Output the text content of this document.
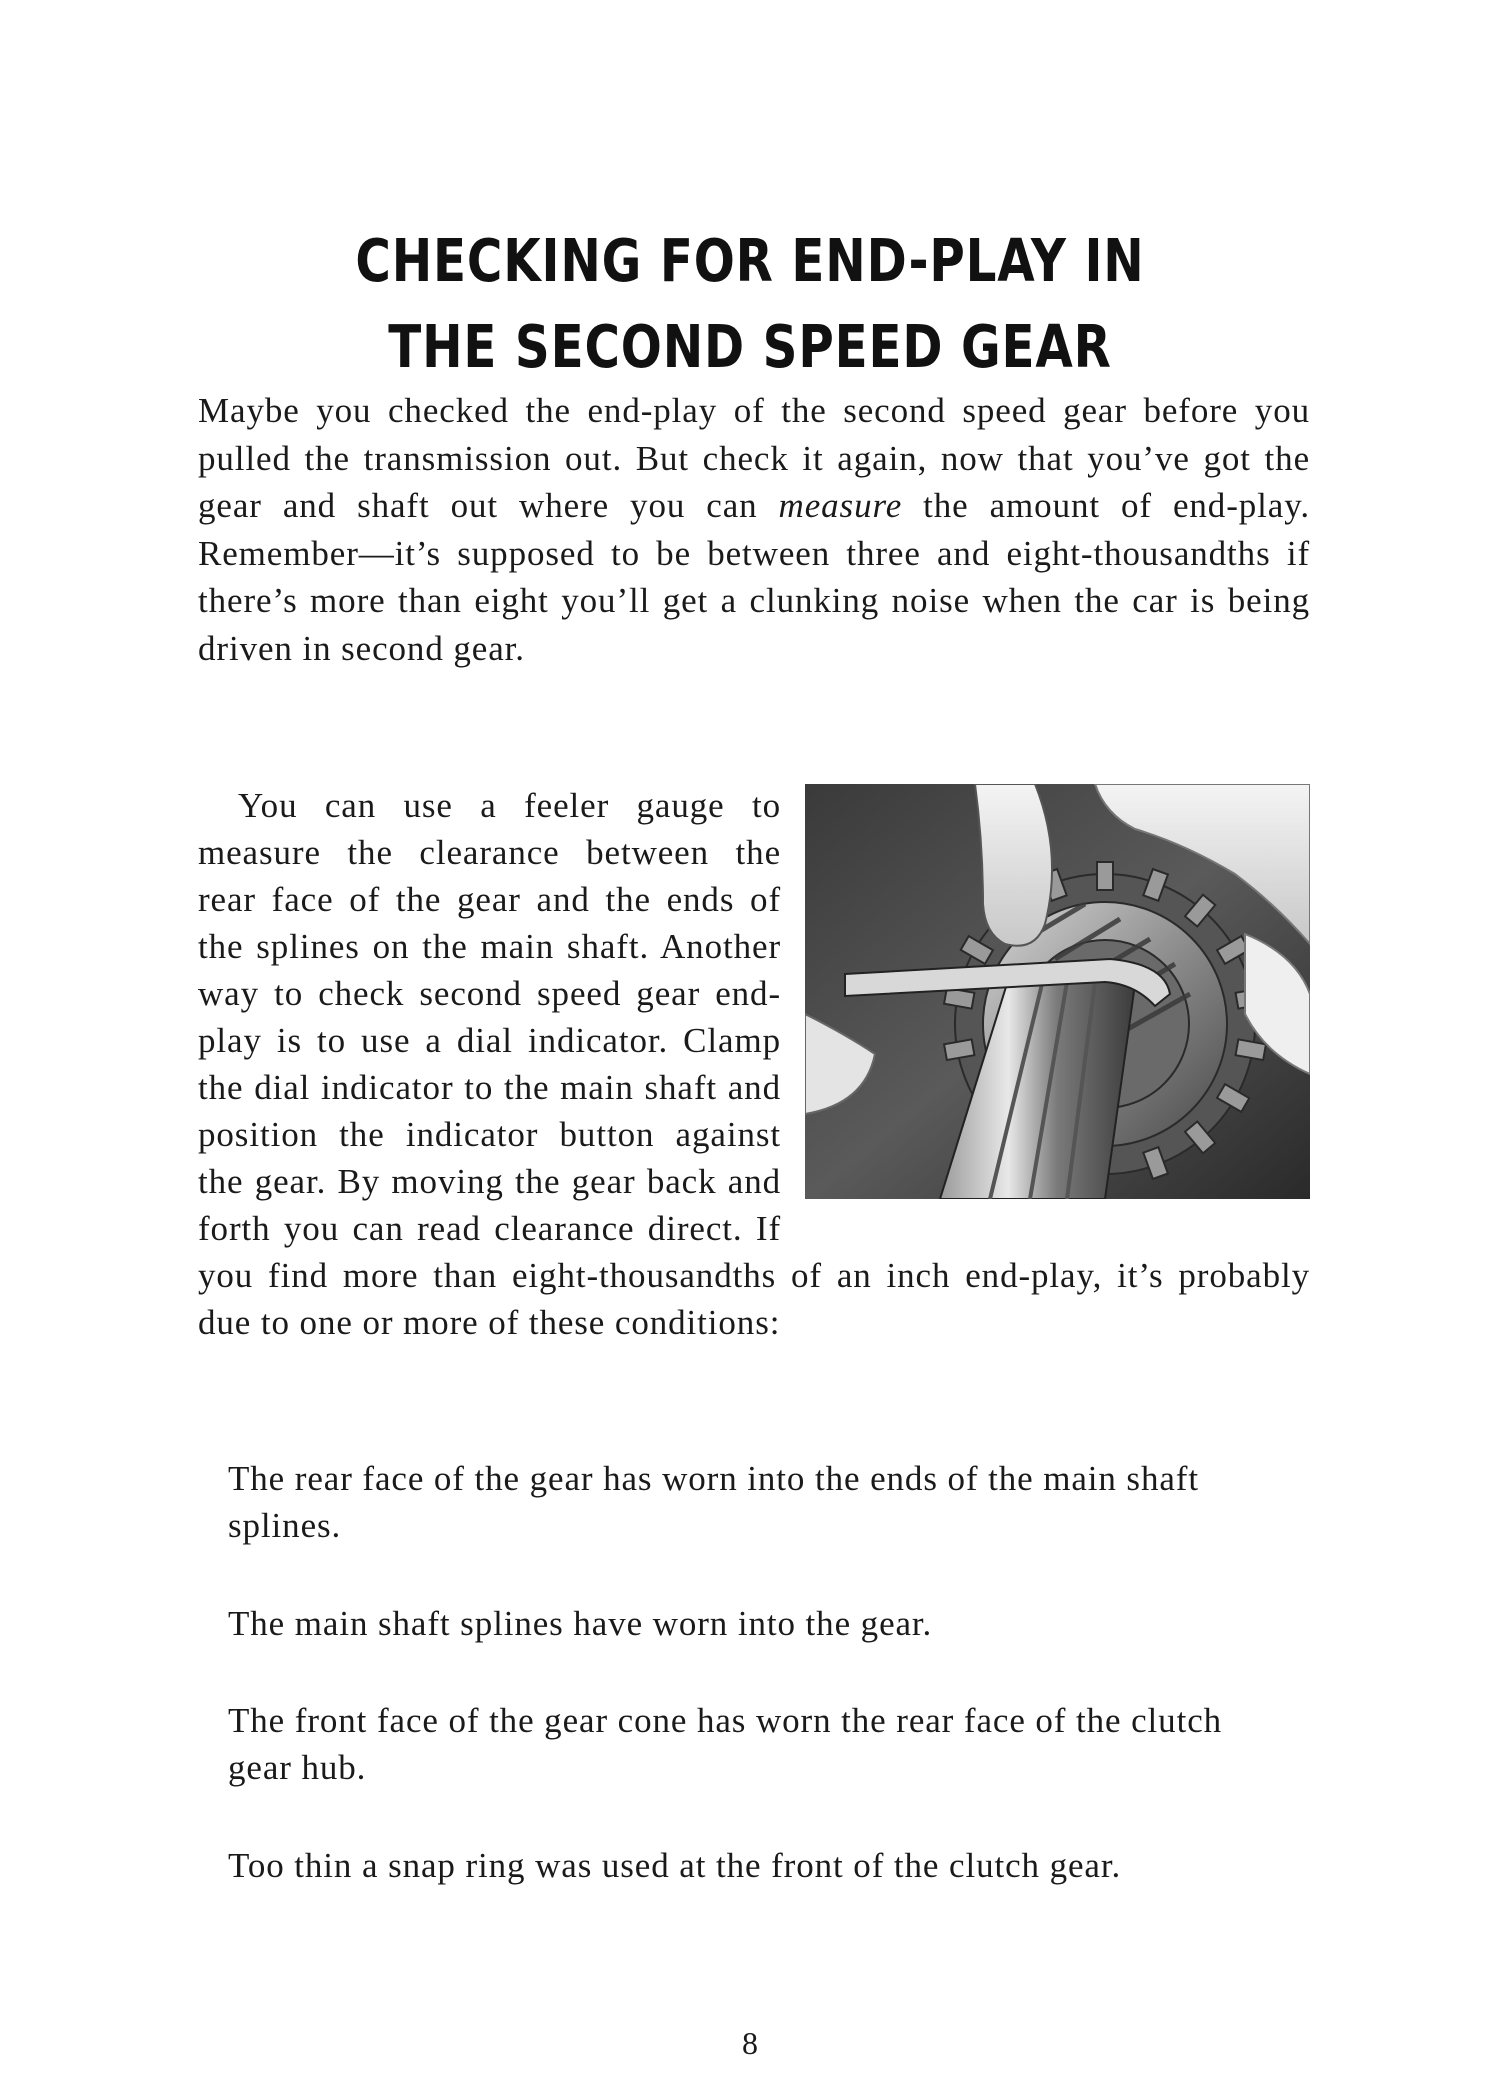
CHECKING FOR END-PLAY IN
THE SECOND SPEED GEAR

Maybe you checked the end-play of the second speed gear before you pulled the transmission out. But check it again, now that you’ve got the gear and shaft out where you can measure the amount of end-play. Remember—it’s supposed to be between three and eight-thousandths if there’s more than eight you’ll get a clunking noise when the car is being driven in second gear.

You can use a feeler gauge to measure the clearance between the rear face of the gear and the ends of the splines on the main shaft. Another way to check second speed gear end-play is to use a dial indicator. Clamp the dial indicator to the main shaft and position the indicator button against the gear. By moving the gear back and forth you can read clearance direct. If you find more than eight-thousandths of an inch end-play, it’s probably due to one or more of these conditions:

The rear face of the gear has worn into the ends of the main shaft splines.

The main shaft splines have worn into the gear.

The front face of the gear cone has worn the rear face of the clutch gear hub.

Too thin a snap ring was used at the front of the clutch gear.

8
